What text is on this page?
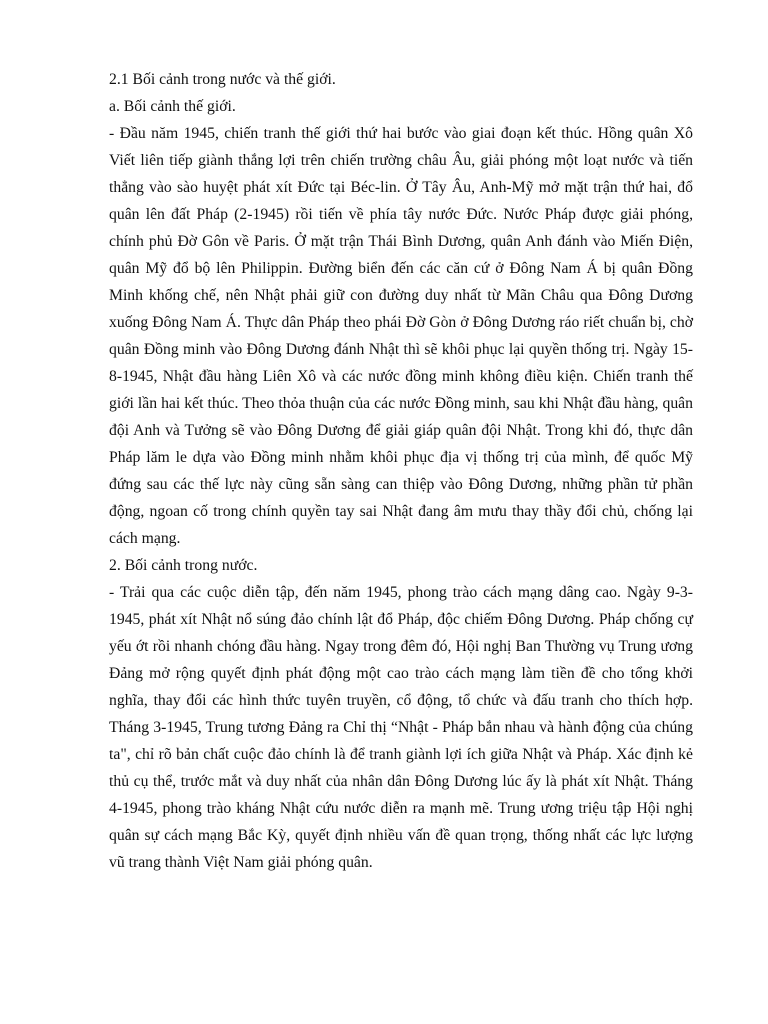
2.1 Bối cảnh trong nước và thế giới.

a. Bối cảnh thế giới.

- Đầu năm 1945, chiến tranh thế giới thứ hai bước vào giai đoạn kết thúc. Hồng quân Xô Viết liên tiếp giành thắng lợi trên chiến trường châu Âu, giải phóng một loạt nước và tiến thẳng vào sào huyệt phát xít Đức tại Béc-lin. Ở Tây Âu, Anh-Mỹ mở mặt trận thứ hai, đổ quân lên đất Pháp (2-1945) rồi tiến về phía tây nước Đức. Nước Pháp được giải phóng, chính phủ Đờ Gôn về Paris. Ở mặt trận Thái Bình Dương, quân Anh đánh vào Miến Điện, quân Mỹ đổ bộ lên Philippin. Đường biển đến các căn cứ ở Đông Nam Á bị quân Đồng Minh khống chế, nên Nhật phải giữ con đường duy nhất từ Mãn Châu qua Đông Dương xuống Đông Nam Á. Thực dân Pháp theo phái Đờ Gòn ở Đông Dương ráo riết chuẩn bị, chờ quân Đồng minh vào Đông Dương đánh Nhật thì sẽ khôi phục lại quyền thống trị. Ngày 15-8-1945, Nhật đầu hàng Liên Xô và các nước đồng minh không điều kiện. Chiến tranh thế giới lần hai kết thúc. Theo thỏa thuận của các nước Đồng minh, sau khi Nhật đầu hàng, quân đội Anh và Tưởng sẽ vào Đông Dương để giải giáp quân đội Nhật. Trong khi đó, thực dân Pháp lăm le dựa vào Đồng minh nhằm khôi phục địa vị thống trị của mình, để quốc Mỹ đứng sau các thế lực này cũng sẵn sàng can thiệp vào Đông Dương, những phần tử phần động, ngoan cố trong chính quyền tay sai Nhật đang âm mưu thay thầy đổi chủ, chống lại cách mạng.

2. Bối cảnh trong nước.

- Trải qua các cuộc diễn tập, đến năm 1945, phong trào cách mạng dâng cao. Ngày 9-3-1945, phát xít Nhật nổ súng đảo chính lật đổ Pháp, độc chiếm Đông Dương. Pháp chống cự yếu ớt rồi nhanh chóng đầu hàng. Ngay trong đêm đó, Hội nghị Ban Thường vụ Trung ương Đảng mở rộng quyết định phát động một cao trào cách mạng làm tiền đề cho tổng khởi nghĩa, thay đổi các hình thức tuyên truyền, cổ động, tổ chức và đấu tranh cho thích hợp. Tháng 3-1945, Trung tương Đảng ra Chỉ thị “Nhật - Pháp bắn nhau và hành động của chúng ta", chỉ rõ bản chất cuộc đảo chính là để tranh giành lợi ích giữa Nhật và Pháp. Xác định kẻ thủ cụ thể, trước mắt và duy nhất của nhân dân Đông Dương lúc ấy là phát xít Nhật. Tháng 4-1945, phong trào kháng Nhật cứu nước diễn ra mạnh mẽ. Trung ương triệu tập Hội nghị quân sự cách mạng Bắc Kỳ, quyết định nhiều vấn đề quan trọng, thống nhất các lực lượng vũ trang thành Việt Nam giải phóng quân.
